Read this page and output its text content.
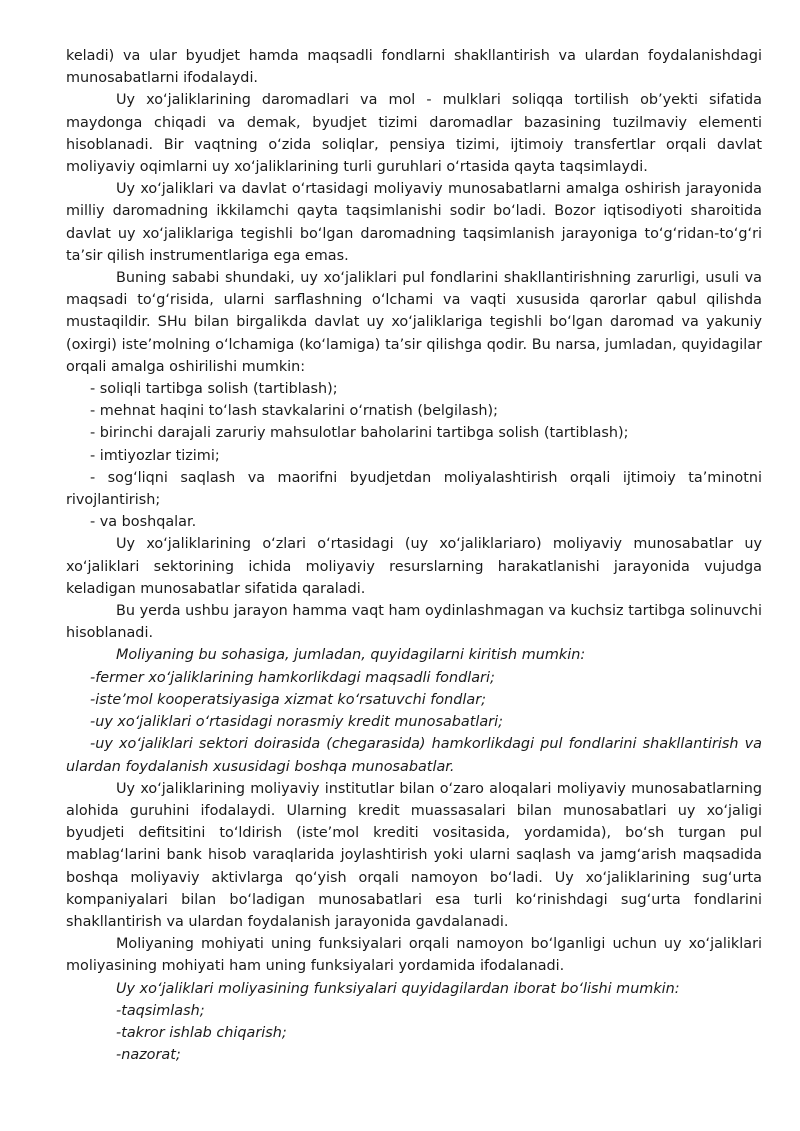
keladi) va ular byudjet hamda maqsadli fondlarni shakllantirish va ulardan foydalanishdagi munosabatlarni ifodalaydi.

Uy xo‘jaliklarining daromadlari va mol - mulklari soliqqa tortilish ob’yekti sifatida maydonga chiqadi va demak, byudjet tizimi daromadlar bazasining tuzilmaviy elementi hisoblanadi. Bir vaqtning o‘zida soliqlar, pensiya tizimi, ijtimoiy transfertlar orqali davlat moliyaviy oqimlarni uy xo‘jaliklarining turli guruhlari o‘rtasida qayta taqsimlaydi.

Uy xo‘jaliklari va davlat o‘rtasidagi moliyaviy munosabatlarni amalga oshirish jarayonida milliy daromadning ikkilamchi qayta taqsimlanishi sodir bo‘ladi. Bozor iqtisodiyoti sharoitida davlat uy xo‘jaliklariga tegishli bo‘lgan daromadning taqsimlanish jarayoniga to‘g‘ridan-to‘g‘ri ta’sir qilish instrumentlariga ega emas.

Buning sababi shundaki, uy xo‘jaliklari pul fondlarini shakllantirishning zarurligi, usuli va maqsadi to‘g‘risida, ularni sarflashning o‘lchami va vaqti xususida qarorlar qabul qilishda mustaqildir. SHu bilan birgalikda davlat uy xo‘jaliklariga tegishli bo‘lgan daromad va yakuniy (oxirgi) iste’molning o‘lchamiga (ko‘lamiga) ta’sir qilishga qodir. Bu narsa, jumladan, quyidagilar orqali amalga oshirilishi mumkin:

- soliqli tartibga solish (tartiblash);

- mehnat haqini to‘lash stavkalarini o‘rnatish (belgilash);

- birinchi darajali zaruriy mahsulotlar baholarini tartibga solish (tartiblash);

- imtiyozlar tizimi;

- sog‘liqni saqlash va maorifni byudjetdan moliyalashtirish orqali ijtimoiy ta’minotni rivojlantirish;

- va boshqalar.

Uy xo‘jaliklarining o‘zlari o‘rtasidagi (uy xo‘jaliklariaro) moliyaviy munosabatlar uy xo‘jaliklari sektorining ichida moliyaviy resurslarning harakatlanishi jarayonida vujudga keladigan munosabatlar sifatida qaraladi.

Bu yerda ushbu jarayon hamma vaqt ham oydinlashmagan va kuchsiz tartibga solinuvchi hisoblanadi.

Moliyaning bu sohasiga, jumladan, quyidagilarni kiritish mumkin:

-fermer xo‘jaliklarining hamkorlikdagi maqsadli fondlari;

-iste’mol kooperatsiyasiga xizmat ko‘rsatuvchi fondlar;

-uy xo‘jaliklari o‘rtasidagi norasmiy kredit munosabatlari;

-uy xo‘jaliklari sektori doirasida (chegarasida) hamkorlikdagi pul fondlarini shakllantirish va ulardan foydalanish xususidagi boshqa munosabatlar.

Uy xo‘jaliklarining moliyaviy institutlar bilan o‘zaro aloqalari moliyaviy munosabatlarning alohida guruhini ifodalaydi. Ularning kredit muassasalari bilan munosabatlari uy xo‘jaligi byudjeti defitsitini to‘ldirish (iste’mol krediti vositasida, yordamida), bo‘sh turgan pul mablag‘larini bank hisob varaqlarida joylashtirish yoki ularni saqlash va jamg‘arish maqsadida boshqa moliyaviy aktivlarga qo‘yish orqali namoyon bo‘ladi. Uy xo‘jaliklarining sug‘urta kompaniyalari bilan bo‘ladigan munosabatlari esa turli ko‘rinishdagi sug‘urta fondlarini shakllantirish va ulardan foydalanish jarayonida gavdalanadi.

Moliyaning mohiyati uning funksiyalari orqali namoyon bo‘lganligi uchun uy xo‘jaliklari moliyasining mohiyati ham uning funksiyalari yordamida ifodalanadi.

Uy xo‘jaliklari moliyasining funksiyalari quyidagilardan iborat bo‘lishi mumkin:

-taqsimlash;

-takror ishlab chiqarish;

-nazorat;
